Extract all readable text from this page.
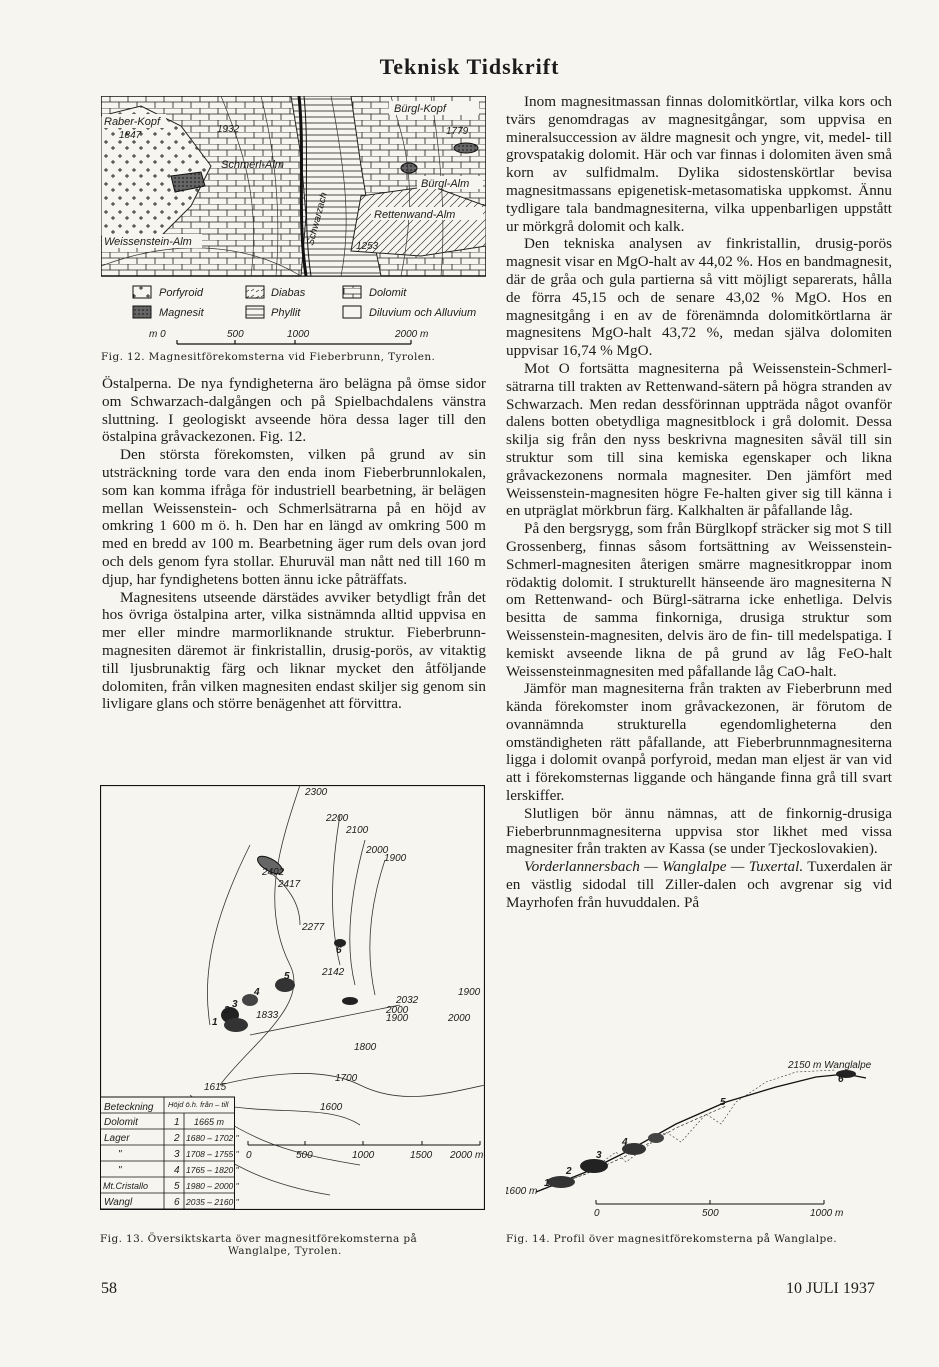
Teknisk Tidskrift
Raber-Kopf
1847
1932
Schmerl-Alm
Bürgl-Kopf
1779
Bürgl-Alm
Rettenwand-Alm
Weissenstein-Alm	Schwarzach	1253
Porfyroid
Magnesit
Diabas
Phyllit
Dolomit
Diluvium och Alluvium
m 0	500	1000	2000 m
Fig. 12. Magnesitförekomsterna vid Fieberbrunn, Tyrolen.

Östalperna. De nya fyndigheterna äro belägna på ömse sidor om Schwarzach-dalgången och på Spielbachdalens vänstra sluttning. I geologiskt avseende höra dessa lager till den östalpina gråvackezonen. Fig. 12.

Den största förekomsten, vilken på grund av sin utsträckning torde vara den enda inom Fieberbrunnlokalen, som kan komma ifråga för industriell bearbetning, är belägen mellan Weissenstein- och Schmerlsätrarna på en höjd av omkring 1 600 m ö. h. Den har en längd av omkring 500 m med en bredd av 100 m. Bearbetning äger rum dels ovan jord och dels genom fyra stollar. Ehuruväl man nått ned till 160 m djup, har fyndighetens botten ännu icke påträffats.

Magnesitens utseende därstädes avviker betydligt från det hos övriga östalpina arter, vilka sistnämnda alltid uppvisa en mer eller mindre marmorliknande struktur. Fieberbrunn-magnesiten däremot är finkristallin, drusig-porös, av vitaktig till ljusbrunaktig färg och liknar mycket den åtföljande dolomiten, från vilken magnesiten endast skiljer sig genom sin livligare glans och större benägenhet att förvittra.

2300
2200
2100
2000
1900
2402
2417
2277
2142
2032
2000
1900
1900
2000
1833
1800
1700
1600
1615
6
5
4
3
2
1
Beteckning Höjd ö.h. från – till
Dolomit	1 1665 m
Lager	2 1680 – 1702 "
"	3 1708 – 1755 "
"	4 1765 – 1820 "
Mt.Cristallo	5 1980 – 2000 "
Wangl	6 2035 – 2160 "
0	500	1000	1500 2000 m
Fig. 13. Översiktskarta över magnesitförekomsterna på
Wanglalpe, Tyrolen.

Inom magnesitmassan finnas dolomitkörtlar, vilka kors och tvärs genomdragas av magnesitgångar, som uppvisa en mineralsuccession av äldre magnesit och yngre, vit, medel- till grovspatakig dolomit. Här och var finnas i dolomiten även små korn av sulfidmalm. Dylika sidostenskörtlar bevisa magnesitmassans epigenetisk-metasomatiska uppkomst. Ännu tydligare tala bandmagnesiterna, vilka uppenbarligen uppstått ur mörkgrå dolomit och kalk.

Den tekniska analysen av finkristallin, drusig-porös magnesit visar en MgO-halt av 44,02 %. Hos en bandmagnesit, där de gråa och gula partierna så vitt möjligt separerats, hålla de förra 45,15 och de senare 43,02 % MgO. Hos en magnesitgång i en av de förenämnda dolomitkörtlarna är magnesitens MgO-halt 43,72 %, medan själva dolomiten uppvisar 16,74 % MgO.

Mot O fortsätta magnesiterna på Weissenstein-Schmerl-sätrarna till trakten av Rettenwand-sätern på högra stranden av Schwarzach. Men redan dessförinnan uppträda något ovanför dalens botten obetydliga magnesitblock i grå dolomit. Dessa skilja sig från den nyss beskrivna magnesiten såväl till sin struktur som till sina kemiska egenskaper och likna gråvackezonens normala magnesiter. Den jämfört med Weissenstein-magnesiten högre Fe-halten giver sig till känna i en utpräglat mörkbrun färg. Kalkhalten är påfallande låg.

På den bergsrygg, som från Bürglkopf sträcker sig mot S till Grossenberg, finnas såsom fortsättning av Weissenstein-Schmerl-magnesiten återigen smärre magnesitkroppar inom rödaktig dolomit. I strukturellt hänseende äro magnesiterna N om Rettenwand- och Bürgl-sätrarna icke enhetliga. Delvis besitta de samma finkorniga, drusiga struktur som Weissenstein-magnesiten, delvis äro de fin- till medelspatiga. I kemiskt avseende likna de på grund av låg FeO-halt Weissensteinmagnesiten med påfallande låg CaO-halt.

Jämför man magnesiterna från trakten av Fieberbrunn med kända förekomster inom gråvackezonen, är förutom de ovannämnda strukturella egendomligheterna den omständigheten rätt påfallande, att Fieberbrunnmagnesiterna ligga i dolomit ovanpå porfyroid, medan man eljest är van vid att i förekomsternas liggande och hängande finna grå till svart lerskiffer.

Slutligen bör ännu nämnas, att de finkornig-drusiga Fieberbrunnmagnesiterna uppvisa stor likhet med vissa magnesiter från trakten av Kassa (se under Tjeckoslovakien).

Vorderlannersbach — Wanglalpe — Tuxertal. Tuxerdalen är en västlig sidodal till Ziller-dalen och avgrenar sig vid Mayrhofen från huvuddalen. På

2150 m Wanglalpe
6
5
4
3
2
1
1600 m
0	500	1000 m
Fig. 14. Profil över magnesitförekomsterna på Wanglalpe.
58	10 JULI 1937
